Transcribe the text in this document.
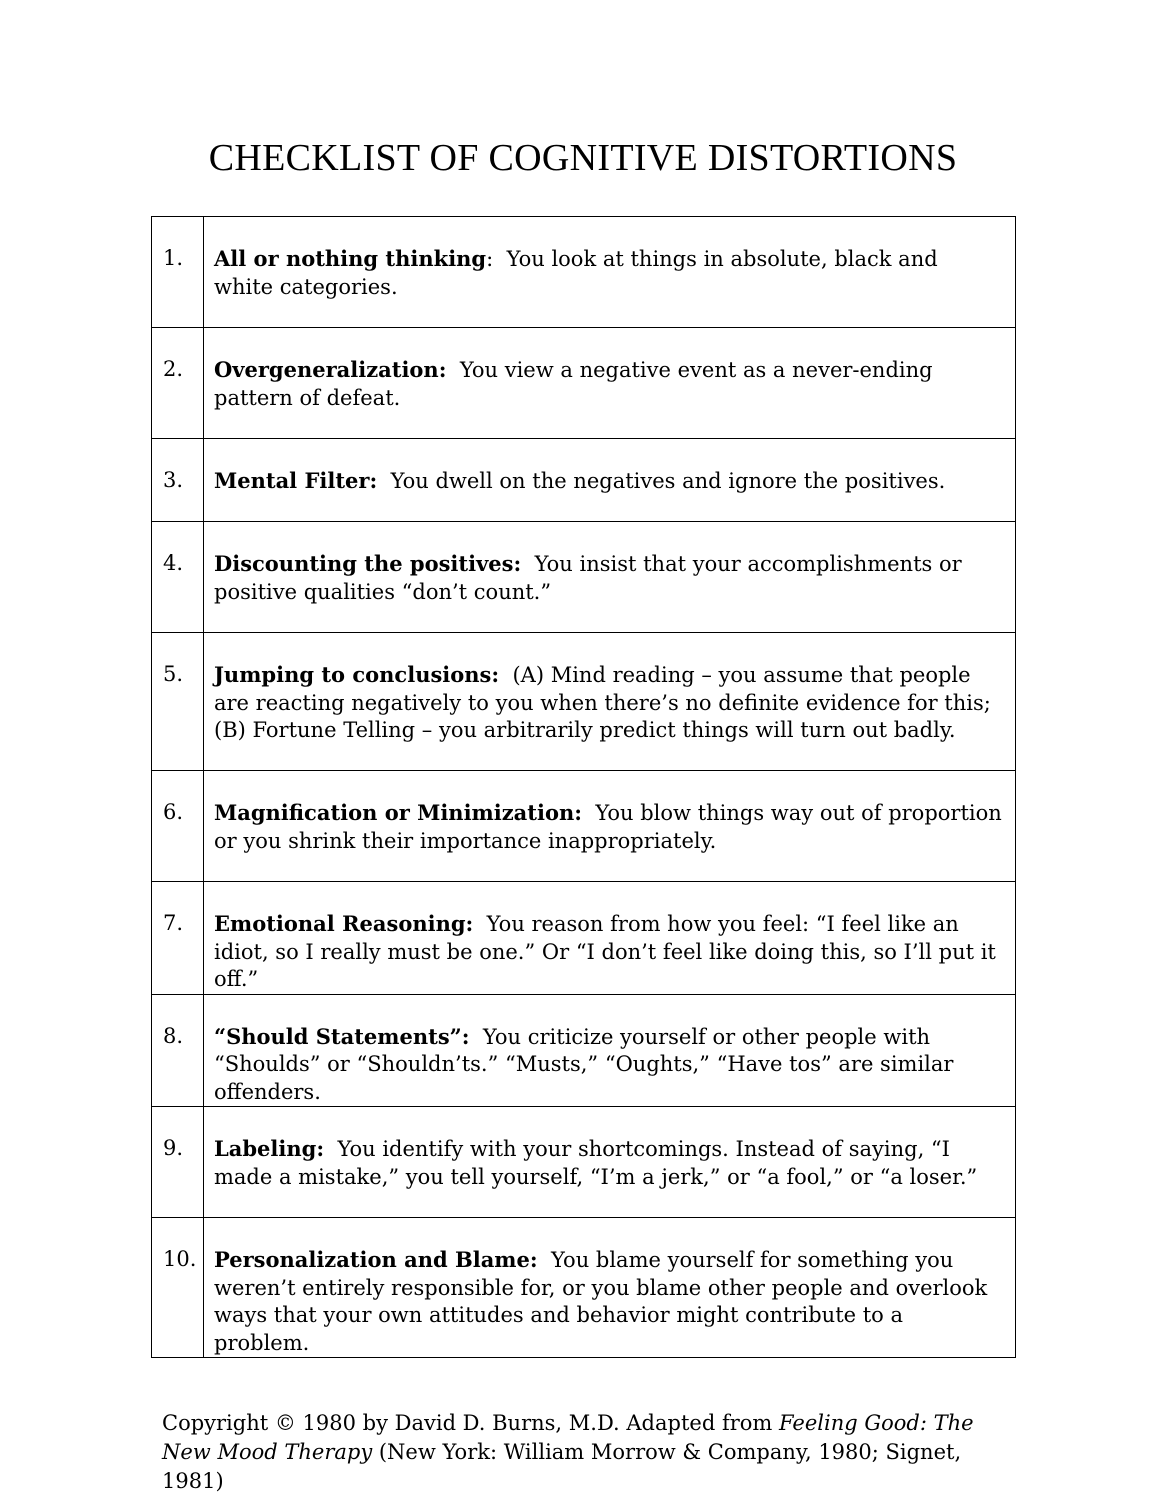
CHECKLIST OF COGNITIVE DISTORTIONS
1.	All or nothing thinking:  You look at things in absolute, black and white categories.

2.	Overgeneralization: You view a negative event as a never-ending pattern of defeat.

3.	Mental Filter: You dwell on the negatives and ignore the positives.

4.	Discounting the positives: You insist that your accomplishments or positive qualities “don’t count.”

5.	Jumping to conclusions: (A) Mind reading – you assume that people are reacting negatively to you when there’s no definite evidence for this; (B) Fortune Telling – you arbitrarily predict things will turn out badly.

6.	Magnification or Minimization: You blow things way out of proportion or you shrink their importance inappropriately.

7.	Emotional Reasoning: You reason from how you feel: “I feel like an idiot, so I really must be one.” Or “I don’t feel like doing this, so I’ll put it off.”

8.	“Should Statements”: You criticize yourself or other people with “Shoulds” or “Shouldn’ts.” “Musts,” “Oughts,” “Have tos” are similar offenders.

9.	Labeling: You identify with your shortcomings. Instead of saying, “I made a mistake,” you tell yourself, “I’m a jerk,” or “a fool,” or “a loser.”

10.	Personalization and Blame: You blame yourself for something you weren’t entirely responsible for, or you blame other people and overlook ways that your own attitudes and behavior might contribute to a problem.
Copyright © 1980 by David D. Burns, M.D. Adapted from Feeling Good: The New Mood Therapy (New York: William Morrow & Company, 1980; Signet, 1981)
